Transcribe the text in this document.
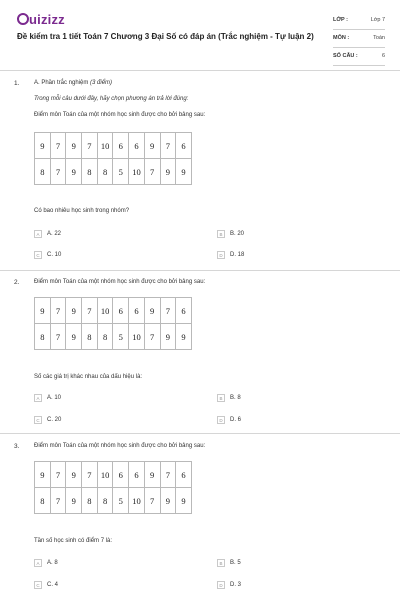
uizizz
Đề kiểm tra 1 tiết Toán 7 Chương 3 Đại Số có đáp án (Trắc nghiệm - Tự luận 2)
LỚP :	Lớp 7
MÔN :	Toán
SỐ CÂU :	6
1. A. Phần trắc nghiệm (3 điểm)
Trong mỗi câu dưới đây, hãy chọn phương án trả lời đúng:
Điểm môn Toán của một nhóm học sinh được cho bởi bảng sau:
9	7	9	7	10	6	6	9	7	6
8	7	9	8	8	5	10	7	9	9
Có bao nhiêu học sinh trong nhóm?
A	A. 22	B	B. 20
C	C. 10	D	D. 18
2. Điểm môn Toán của một nhóm học sinh được cho bởi bảng sau:
9	7	9	7	10	6	6	9	7	6
8	7	9	8	8	5	10	7	9	9
Số các giá trị khác nhau của dấu hiệu là:
A	A. 10	B	B. 8
C	C. 20	D	D. 6
3. Điểm môn Toán của một nhóm học sinh được cho bởi bảng sau:
9	7	9	7	10	6	6	9	7	6
8	7	9	8	8	5	10	7	9	9
Tần số học sinh có điểm 7 là:
A	A. 8	B	B. 5
C	C. 4	D	D. 3
